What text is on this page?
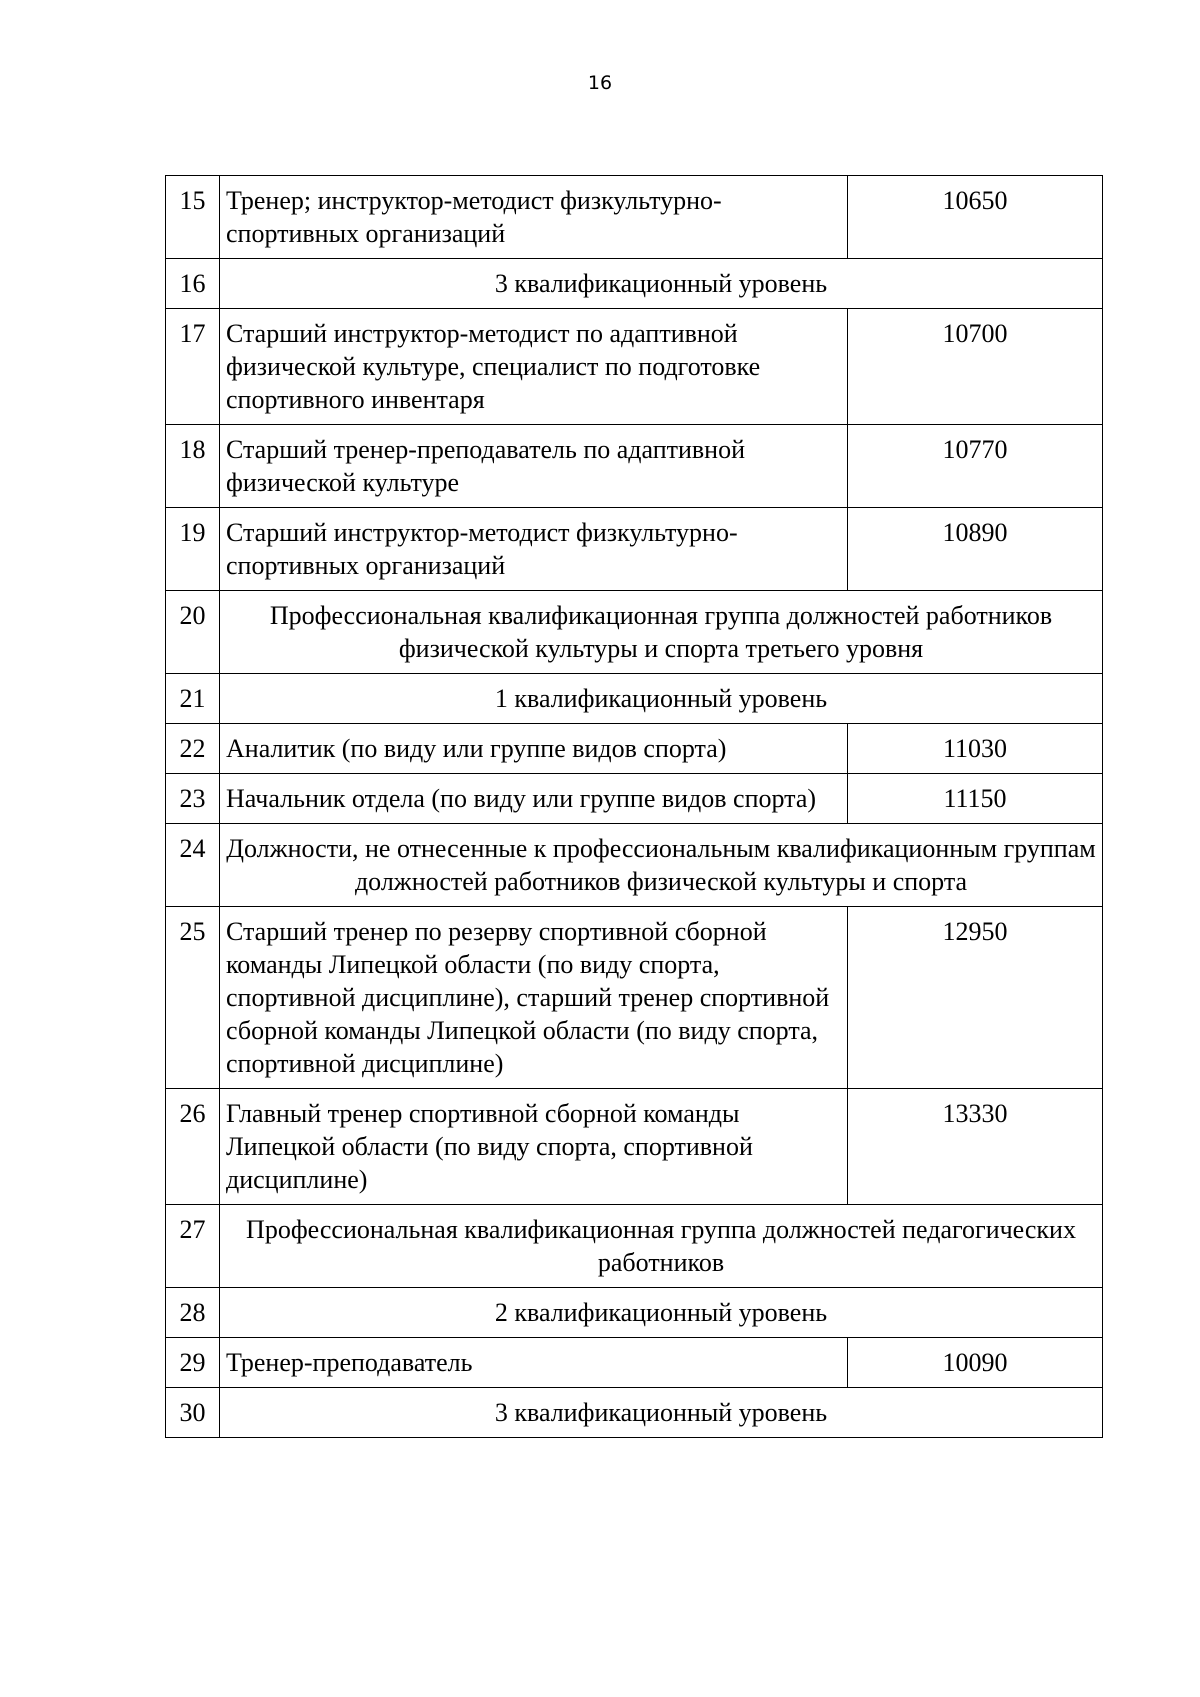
16
15	Тренер; инструктор-методист физкультурно-спортивных организаций	10650
16	3 квалификационный уровень	
17	Старший инструктор-методист по адаптивной физической культуре, специалист по подготовке спортивного инвентаря	10700
18	Старший тренер-преподаватель по адаптивной физической культуре	10770
19	Старший инструктор-методист физкультурно-спортивных организаций	10890
20	Профессиональная квалификационная группа должностей работников физической культуры и спорта третьего уровня	
21	1 квалификационный уровень	
22	Аналитик (по виду или группе видов спорта)	11030
23	Начальник отдела (по виду или группе видов спорта)	11150
24	Должности, не отнесенные к профессиональным квалификационным группам должностей работников физической культуры и спорта	
25	Старший тренер по резерву спортивной сборной команды Липецкой области (по виду спорта, спортивной дисциплине), старший тренер спортивной сборной команды Липецкой области (по виду спорта, спортивной дисциплине)	12950
26	Главный тренер спортивной сборной команды Липецкой области (по виду спорта, спортивной дисциплине)	13330
27	Профессиональная квалификационная группа должностей педагогических работников	
28	2 квалификационный уровень	
29	Тренер-преподаватель	10090
30	3 квалификационный уровень	
